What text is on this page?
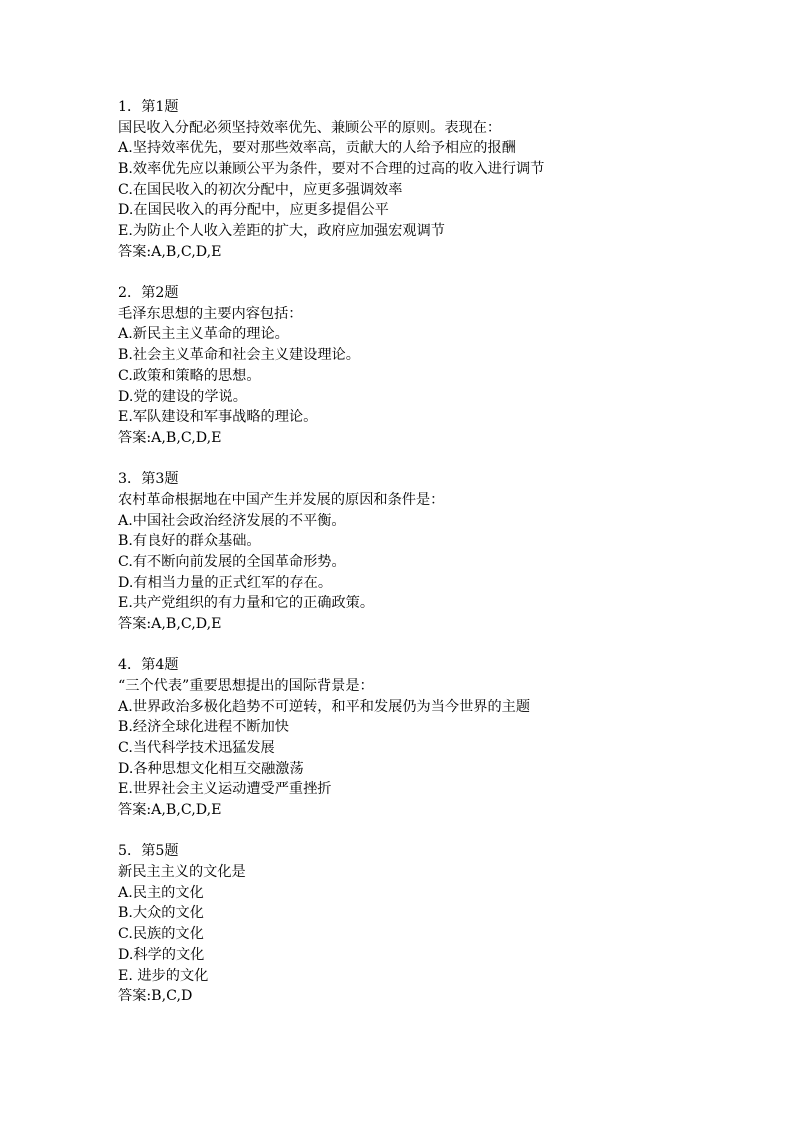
1．第1题
国民收入分配必须坚持效率优先、兼顾公平的原则。表现在：
A.坚持效率优先，要对那些效率高，贡献大的人给予相应的报酬
B.效率优先应以兼顾公平为条件，要对不合理的过高的收入进行调节
C.在国民收入的初次分配中，应更多强调效率
D.在国民收入的再分配中，应更多提倡公平
E.为防止个人收入差距的扩大，政府应加强宏观调节
答案:A,B,C,D,E
2．第2题
毛泽东思想的主要内容包括：
A.新民主主义革命的理论。
B.社会主义革命和社会主义建设理论。
C.政策和策略的思想。
D.党的建设的学说。
E.军队建设和军事战略的理论。
答案:A,B,C,D,E
3．第3题
农村革命根据地在中国产生并发展的原因和条件是：
A.中国社会政治经济发展的不平衡。
B.有良好的群众基础。
C.有不断向前发展的全国革命形势。
D.有相当力量的正式红军的存在。
E.共产党组织的有力量和它的正确政策。
答案:A,B,C,D,E
4．第4题
“三个代表”重要思想提出的国际背景是：
A.世界政治多极化趋势不可逆转，和平和发展仍为当今世界的主题
B.经济全球化进程不断加快
C.当代科学技术迅猛发展
D.各种思想文化相互交融激荡
E.世界社会主义运动遭受严重挫折
答案:A,B,C,D,E
5．第5题
新民主主义的文化是
A.民主的文化
B.大众的文化
C.民族的文化
D.科学的文化
E. 进步的文化
答案:B,C,D
